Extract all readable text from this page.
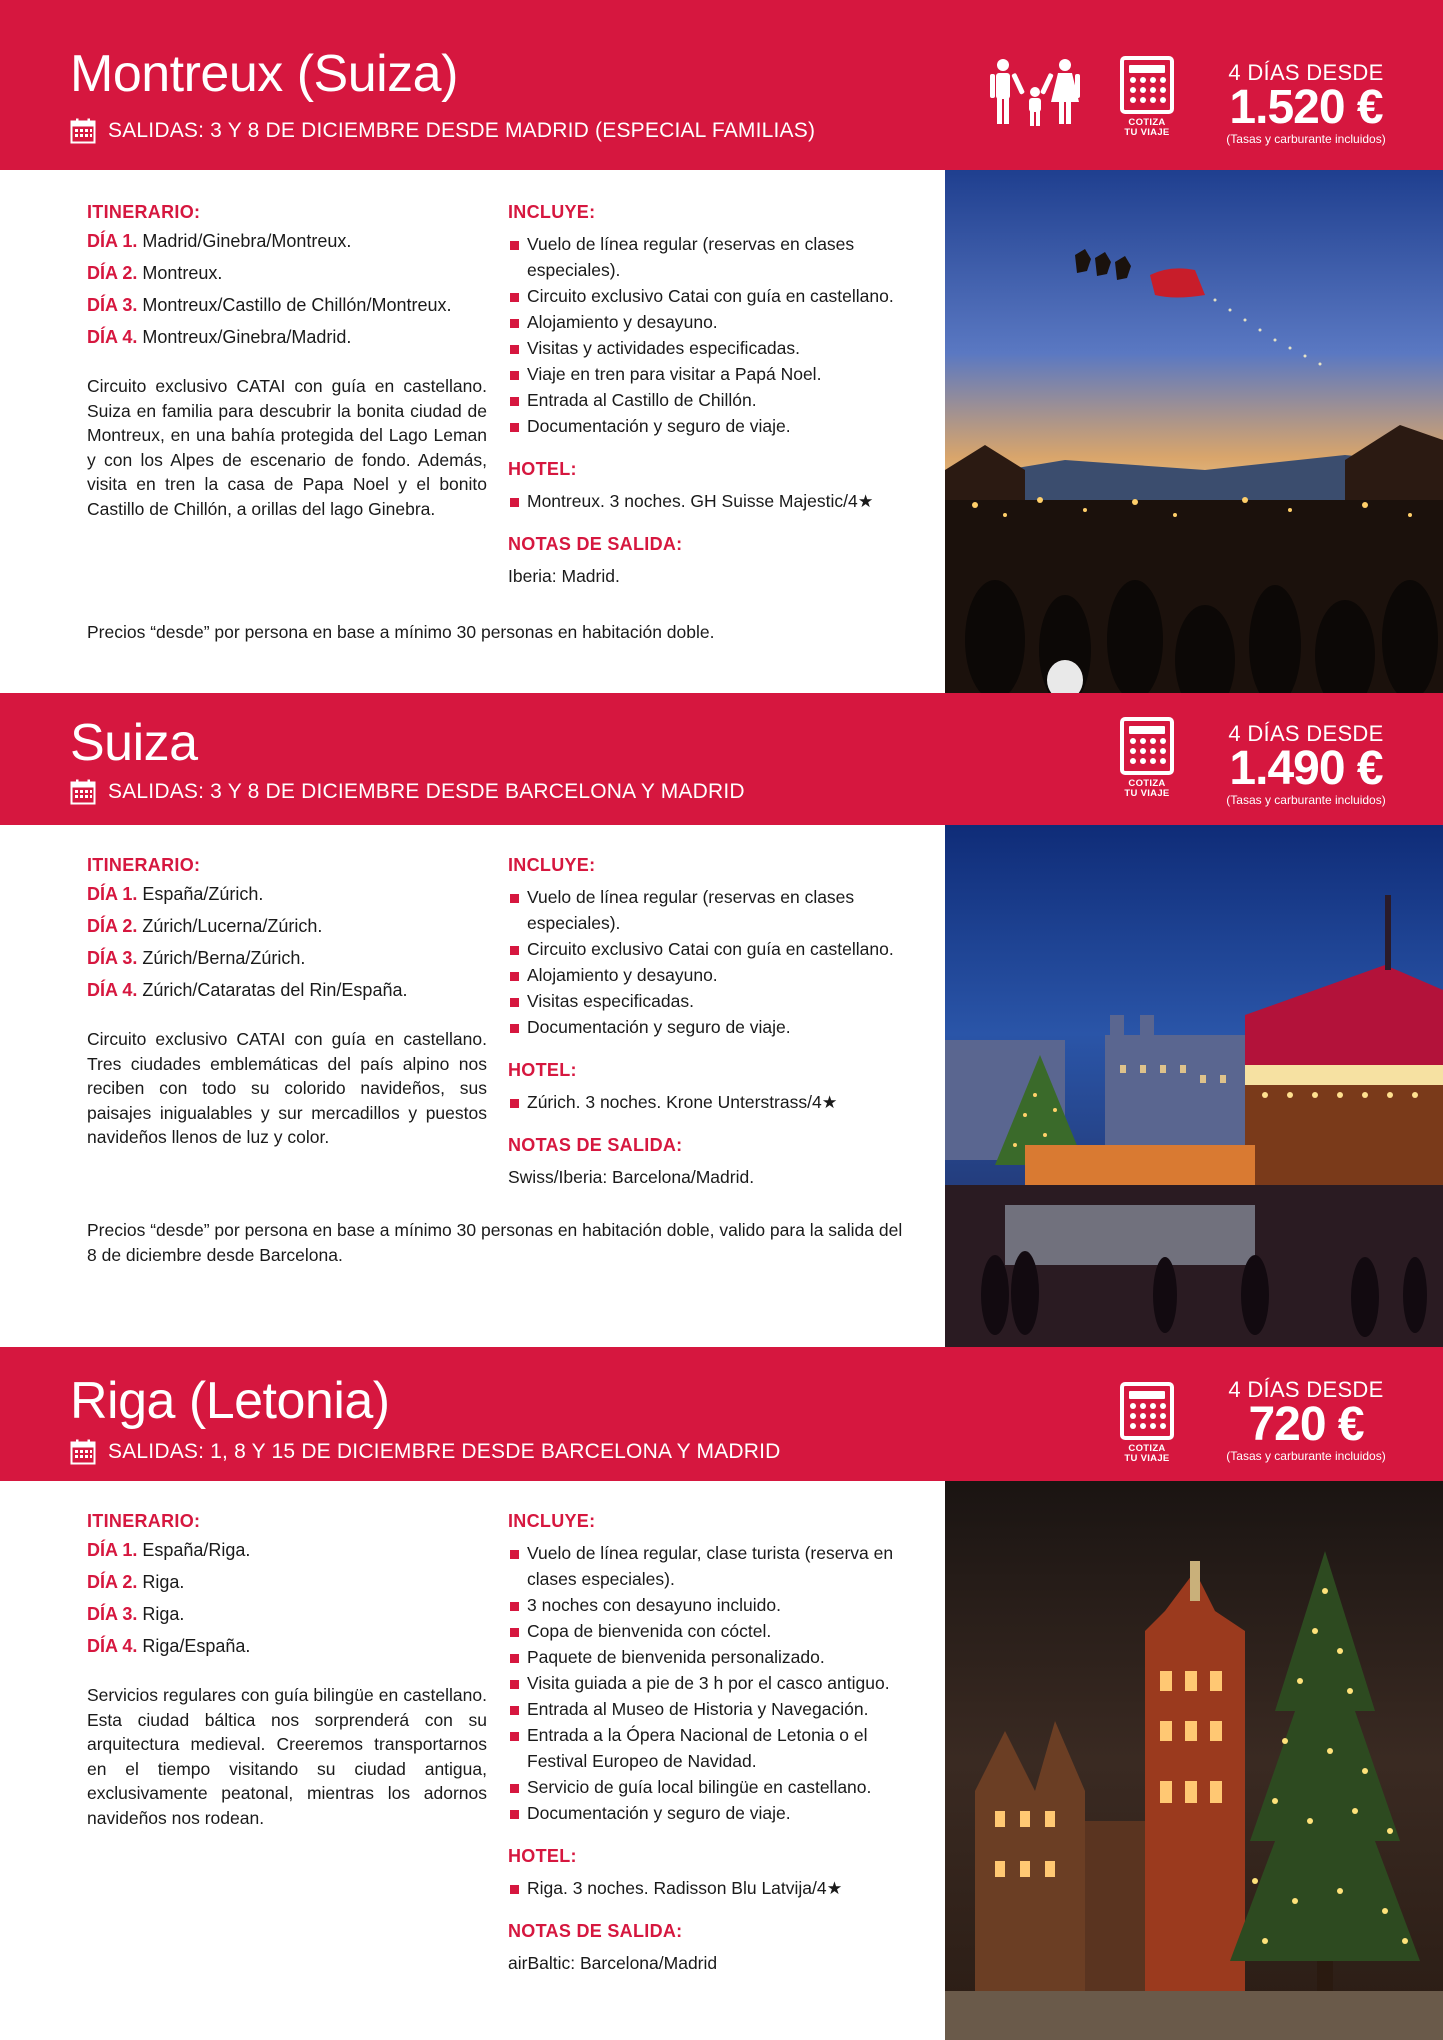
Montreux (Suiza)
SALIDAS: 3 Y 8 DE DICIEMBRE DESDE MADRID (ESPECIAL FAMILIAS)	COTIZA
TU VIAJE
4 DÍAS DESDE
1.520 €
(Tasas y carburante incluidos)
ITINERARIO:
DÍA 1. Madrid/Ginebra/Montreux.
DÍA 2. Montreux.
DÍA 3. Montreux/Castillo de Chillón/Montreux.
DÍA 4. Montreux/Ginebra/Madrid.

Circuito exclusivo CATAI con guía en castellano. Suiza en familia para descubrir la bonita ciudad de Montreux, en una bahía protegida del Lago Leman y con los Alpes de escenario de fondo. Además, visita en tren la casa de Papa Noel y el bonito Castillo de Chillón, a orillas del lago Ginebra.

INCLUYE:
Vuelo de línea regular (reservas en clases especiales).
Circuito exclusivo Catai con guía en castellano.
Alojamiento y desayuno.
Visitas y actividades especificadas.
Viaje en tren para visitar a Papá Noel.
Entrada al Castillo de Chillón.
Documentación y seguro de viaje.
HOTEL:
Montreux. 3 noches. GH Suisse Majestic/4★
NOTAS DE SALIDA:
Iberia: Madrid.

Precios “desde” por persona en base a mínimo 30 personas en habitación doble.

Suiza
SALIDAS: 3 Y 8 DE DICIEMBRE DESDE BARCELONA Y MADRID	COTIZA
TU VIAJE
4 DÍAS DESDE
1.490 €
(Tasas y carburante incluidos)
ITINERARIO:
DÍA 1. España/Zúrich.
DÍA 2. Zúrich/Lucerna/Zúrich.
DÍA 3. Zúrich/Berna/Zúrich.
DÍA 4. Zúrich/Cataratas del Rin/España.

Circuito exclusivo CATAI con guía en castellano. Tres ciudades emblemáticas del país alpino nos reciben con todo su colorido navideños, sus paisajes inigualables y sur mercadillos y puestos navideños llenos de luz y color.

INCLUYE:
Vuelo de línea regular (reservas en clases especiales).
Circuito exclusivo Catai con guía en castellano.
Alojamiento y desayuno.
Visitas especificadas.
Documentación y seguro de viaje.
HOTEL:
Zúrich. 3 noches. Krone Unterstrass/4★
NOTAS DE SALIDA:
Swiss/Iberia: Barcelona/Madrid.

Precios “desde” por persona en base a mínimo 30 personas en habitación doble, valido para la salida del 8 de diciembre desde Barcelona.

Riga (Letonia)
SALIDAS: 1, 8 Y 15 DE DICIEMBRE DESDE BARCELONA Y MADRID	COTIZA
TU VIAJE
4 DÍAS DESDE
720 €
(Tasas y carburante incluidos)
ITINERARIO:
DÍA 1. España/Riga.
DÍA 2. Riga.
DÍA 3. Riga.
DÍA 4. Riga/España.

Servicios regulares con guía bilingüe en castellano. Esta ciudad báltica nos sorprenderá con su arquitectura medieval. Creeremos transportarnos en el tiempo visitando su ciudad antigua, exclusivamente peatonal, mientras los adornos navideños nos rodean.

INCLUYE:
Vuelo de línea regular, clase turista (reserva en clases especiales).
3 noches con desayuno incluido.
Copa de bienvenida con cóctel.
Paquete de bienvenida personalizado.
Visita guiada a pie de 3 h por el casco antiguo.
Entrada al Museo de Historia y Navegación.
Entrada a la Ópera Nacional de Letonia o el Festival Europeo de Navidad.
Servicio de guía local bilingüe en castellano.
Documentación y seguro de viaje.
HOTEL:
Riga. 3 noches. Radisson Blu Latvija/4★
NOTAS DE SALIDA:
airBaltic: Barcelona/Madrid
